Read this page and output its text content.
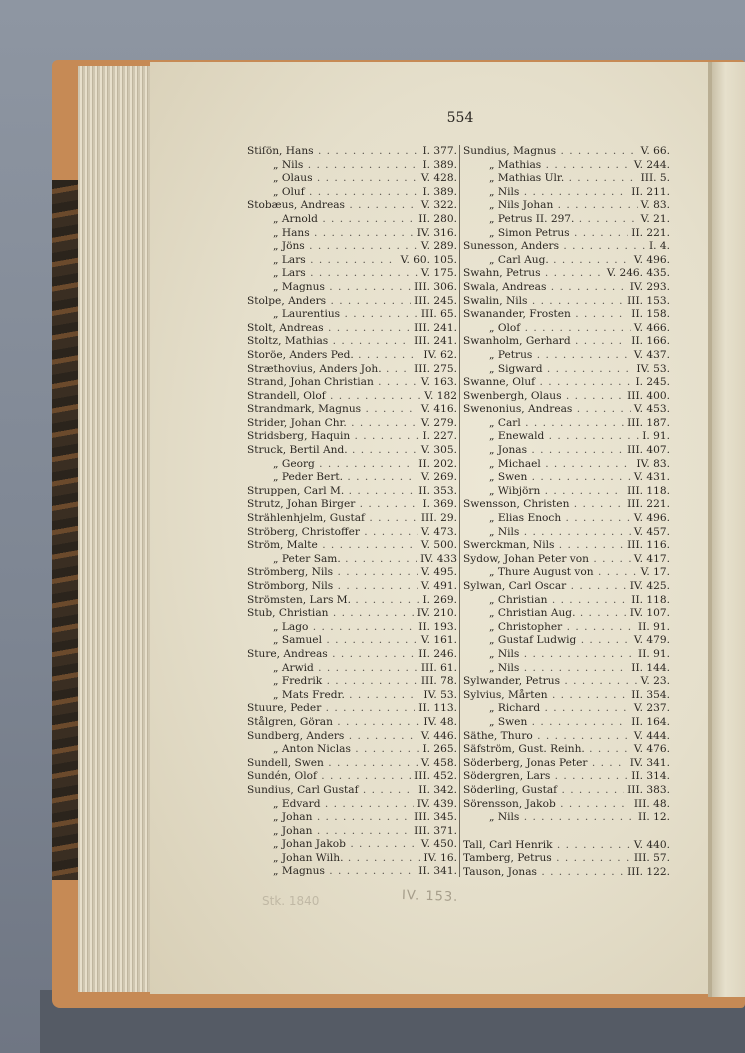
554
Stiſön, Hans . . .	I. 377.
„ Nils . . .	I. 389.
„ Olaus . . .	V. 428.
„ Oluf . . .	I. 389.
Stobæus, Andreas . . .	V. 322.
„ Arnold . . .	II. 280.
„ Hans . . .	IV. 316.
„ Jöns . . .	V. 289.
„ Lars . . .	V. 60. 105.
„ Lars . . .	V. 175.
„ Magnus . . .	III. 306.
Stolpe, Anders . . .	III. 245.
„ Laurentius . . .	III. 65.
Stolt, Andreas . . .	III. 241.
Stoltz, Mathias . . .	III. 241.
Storöe, Anders Ped. . . .	IV. 62.
Stræthovius, Anders Joh. . . .	III. 275.
Strand, Johan Christian . . .	V. 163.
Strandell, Olof . . .	V. 182
Strandmark, Magnus . . .	V. 416.
Strider, Johan Chr. . . .	V. 279.
Stridsberg, Haquin . . .	I. 227.
Struck, Bertil And. . . .	V. 305.
„ Georg . . .	II. 202.
„ Peder Bert. . . .	V. 269.
Struppen, Carl M. . . .	II. 353.
Strutz, Johan Birger . . .	I. 369.
Strählenhjelm, Gustaf . . .	III. 29.
Ströberg, Christoffer . . .	V. 473.
Ström, Malte . . .	V. 500.
„ Peter Sam. . . .	IV. 433
Strömberg, Nils . . .	V. 495.
Strömborg, Nils . . .	V. 491.
Strömsten, Lars M. . . .	I. 269.
Stub, Christian . . .	IV. 210.
„ Lago . . .	II. 193.
„ Samuel . . .	V. 161.
Sture, Andreas . . .	II. 246.
„ Arwid . . .	III. 61.
„ Fredrik . . .	III. 78.
„ Mats Fredr. . . .	IV. 53.
Stuure, Peder . . .	II. 113.
Stålgren, Göran . . .	IV. 48.
Sundberg, Anders . . .	V. 446.
„ Anton Niclas . . .	I. 265.
Sundell, Swen . . .	V. 458.
Sundén, Olof . . .	III. 452.
Sundius, Carl Gustaf . . .	II. 342.
„ Edvard . . .	IV. 439.
„ Johan . . .	III. 345.
„ Johan . . .	III. 371.
„ Johan Jakob . . .	V. 450.
„ Johan Wilh. . . .	IV. 16.
„ Magnus . . .	II. 341.
Sundius, Magnus . . .	V. 66.
„ Mathias . . .	V. 244.
„ Mathias Ulr. . . .	III. 5.
„ Nils . . .	II. 211.
„ Nils Johan . . .	V. 83.
„ Petrus II. 297. . . .	V. 21.
„ Simon Petrus . . .	II. 221.
Sunesson, Anders . . .	I. 4.
„ Carl Aug. . . .	V. 496.
Swahn, Petrus . . .	V. 246. 435.
Swala, Andreas . . .	IV. 293.
Swalin, Nils . . .	III. 153.
Swanander, Frosten . . .	II. 158.
„ Olof . . .	V. 466.
Swanholm, Gerhard . . .	II. 166.
„ Petrus . . .	V. 437.
„ Sigward . . .	IV. 53.
Swanne, Oluf . . .	I. 245.
Swenbergh, Olaus . . .	III. 400.
Swenonius, Andreas . . .	V. 453.
„ Carl . . .	III. 187.
„ Enewald . . .	I. 91.
„ Jonas . . .	III. 407.
„ Michael . . .	IV. 83.
„ Swen . . .	V. 431.
„ Wibjörn . . .	III. 118.
Swensson, Christen . . .	III. 221.
„ Elias Enoch . . .	V. 496.
„ Nils . . .	V. 457.
Swerckman, Nils . . .	III. 116.
Sydow, Johan Peter von . . .	V. 417.
„ Thure August von . . .	V. 17.
Sylwan, Carl Oscar . . .	IV. 425.
„ Christian . . .	II. 118.
„ Christian Aug. . . .	IV. 107.
„ Christopher . . .	II. 91.
„ Gustaf Ludwig . . .	V. 479.
„ Nils . . .	II. 91.
„ Nils . . .	II. 144.
Sylwander, Petrus . . .	V. 23.
Sylvius, Mårten . . .	II. 354.
„ Richard . . .	V. 237.
„ Swen . . .	II. 164.
Säthe, Thuro . . .	V. 444.
Säfström, Gust. Reinh. . . .	V. 476.
Söderberg, Jonas Peter . . .	IV. 341.
Södergren, Lars . . .	II. 314.
Söderling, Gustaf . . .	III. 383.
Sörensson, Jakob . . .	III. 48.
„ Nils . . .	II. 12.
Tall, Carl Henrik . . .	V. 440.
Tamberg, Petrus . . .	III. 57.
Tauson, Jonas . . .	III. 122.
Stk. 1840	IV. 153.
